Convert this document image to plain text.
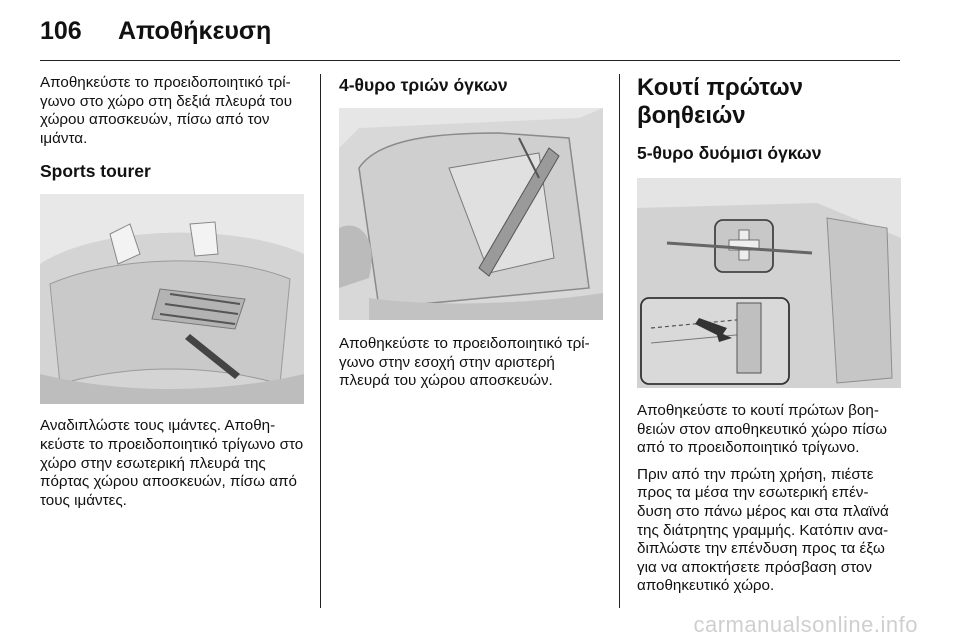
106	Αποθήκευση

Αποθηκεύστε το προειδοποιητικό τρί- γωνο στο χώρο στη δεξιά πλευρά του χώρου αποσκευών, πίσω από τον ιμάντα.

Sports tourer

Αναδιπλώστε τους ιμάντες. Αποθη- κεύστε το προειδοποιητικό τρίγωνο στο χώρο στην εσωτερική πλευρά της πόρτας χώρου αποσκευών, πίσω από τους ιμάντες.

4-θυρο τριών όγκων

Αποθηκεύστε το προειδοποιητικό τρί- γωνο στην εσοχή στην αριστερή πλευρά του χώρου αποσκευών.

Κουτί πρώτων βοηθειών
5-θυρο δυόμισι όγκων

Αποθηκεύστε το κουτί πρώτων βοη- θειών στον αποθηκευτικό χώρο πίσω από το προειδοποιητικό τρίγωνο.

Πριν από την πρώτη χρήση, πιέστε προς τα μέσα την εσωτερική επέν- δυση στο πάνω μέρος και στα πλαϊνά της διάτρητης γραμμής. Κατόπιν ανα- διπλώστε την επένδυση προς τα έξω για να αποκτήσετε πρόσβαση στον αποθηκευτικό χώρο.

carmanualsonline.info
